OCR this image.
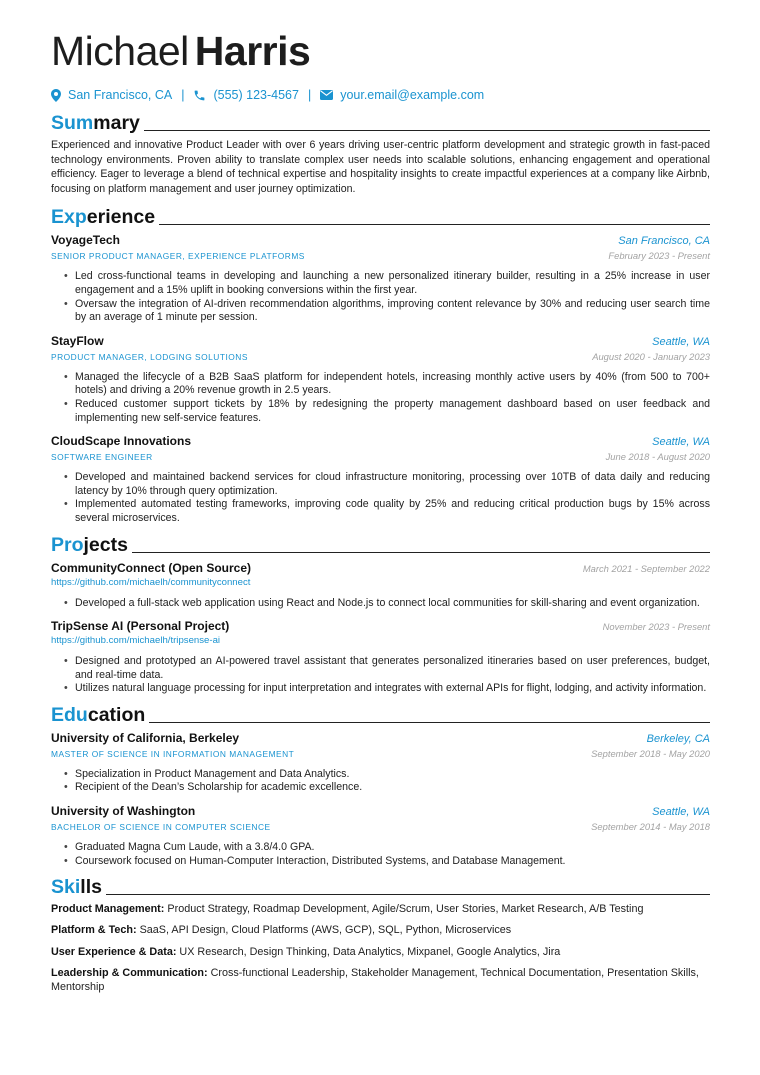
Michael Harris
San Francisco, CA | (555) 123-4567 | your.email@example.com
Summary
Experienced and innovative Product Leader with over 6 years driving user-centric platform development and strategic growth in fast-paced technology environments. Proven ability to translate complex user needs into scalable solutions, enhancing engagement and operational efficiency. Eager to leverage a blend of technical expertise and hospitality insights to create impactful experiences at a company like Airbnb, focusing on platform management and user journey optimization.
Experience
VoyageTech	San Francisco, CA
SENIOR PRODUCT MANAGER, EXPERIENCE PLATFORMS	February 2023 - Present
• Led cross-functional teams in developing and launching a new personalized itinerary builder, resulting in a 25% increase in user engagement and a 15% uplift in booking conversions within the first year.
• Oversaw the integration of AI-driven recommendation algorithms, improving content relevance by 30% and reducing user search time by an average of 1 minute per session.
StayFlow	Seattle, WA
PRODUCT MANAGER, LODGING SOLUTIONS	August 2020 - January 2023
• Managed the lifecycle of a B2B SaaS platform for independent hotels, increasing monthly active users by 40% (from 500 to 700+ hotels) and driving a 20% revenue growth in 2.5 years.
• Reduced customer support tickets by 18% by redesigning the property management dashboard based on user feedback and implementing new self-service features.
CloudScape Innovations	Seattle, WA
SOFTWARE ENGINEER	June 2018 - August 2020
• Developed and maintained backend services for cloud infrastructure monitoring, processing over 10TB of data daily and reducing latency by 10% through query optimization.
• Implemented automated testing frameworks, improving code quality by 25% and reducing critical production bugs by 15% across several microservices.
Projects
CommunityConnect (Open Source)	March 2021 - September 2022
https://github.com/michaelh/communityconnect
• Developed a full-stack web application using React and Node.js to connect local communities for skill-sharing and event organization.
TripSense AI (Personal Project)	November 2023 - Present
https://github.com/michaelh/tripsense-ai
• Designed and prototyped an AI-powered travel assistant that generates personalized itineraries based on user preferences, budget, and real-time data.
• Utilizes natural language processing for input interpretation and integrates with external APIs for flight, lodging, and activity information.
Education
University of California, Berkeley	Berkeley, CA
MASTER OF SCIENCE IN INFORMATION MANAGEMENT	September 2018 - May 2020
• Specialization in Product Management and Data Analytics.
• Recipient of the Dean’s Scholarship for academic excellence.
University of Washington	Seattle, WA
BACHELOR OF SCIENCE IN COMPUTER SCIENCE	September 2014 - May 2018
• Graduated Magna Cum Laude, with a 3.8/4.0 GPA.
• Coursework focused on Human-Computer Interaction, Distributed Systems, and Database Management.
Skills
Product Management: Product Strategy, Roadmap Development, Agile/Scrum, User Stories, Market Research, A/B Testing
Platform & Tech: SaaS, API Design, Cloud Platforms (AWS, GCP), SQL, Python, Microservices
User Experience & Data: UX Research, Design Thinking, Data Analytics, Mixpanel, Google Analytics, Jira
Leadership & Communication: Cross-functional Leadership, Stakeholder Management, Technical Documentation, Presentation Skills, Mentorship
